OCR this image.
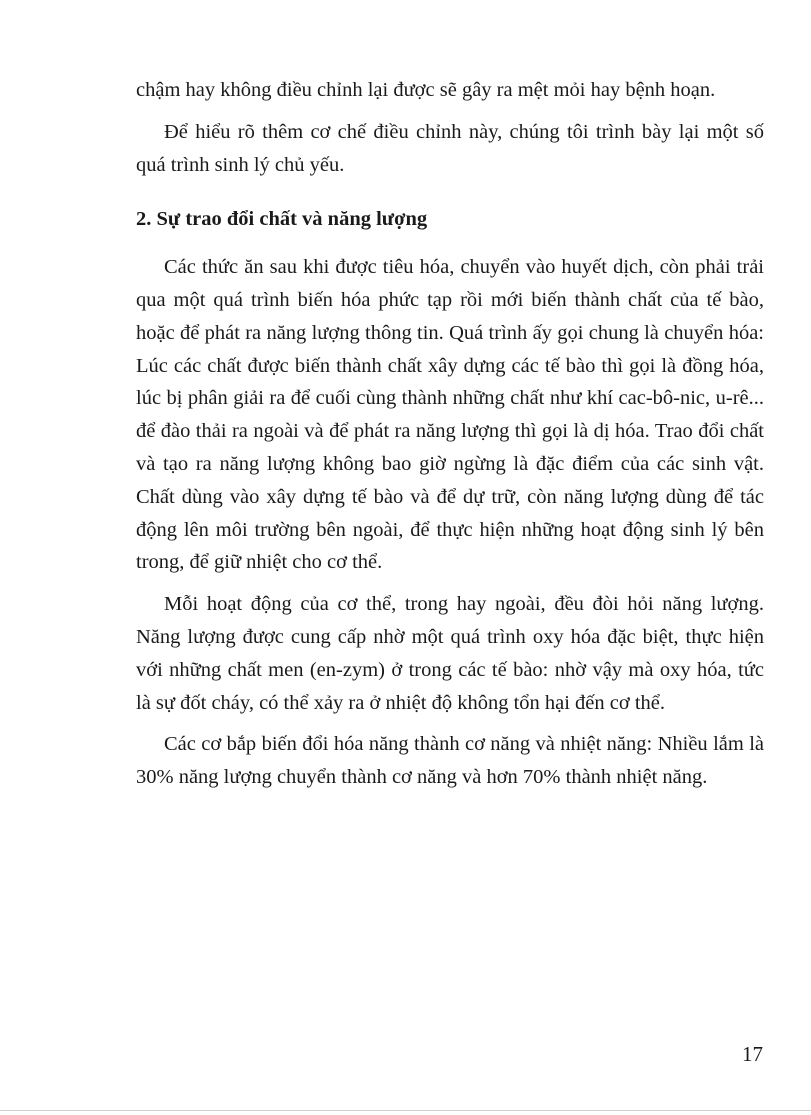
chậm hay không điều chỉnh lại được sẽ gây ra mệt mỏi hay bệnh hoạn.

Để hiểu rõ thêm cơ chế điều chỉnh này, chúng tôi trình bày lại một số quá trình sinh lý chủ yếu.

2. Sự trao đổi chất và năng lượng

Các thức ăn sau khi được tiêu hóa, chuyển vào huyết dịch, còn phải trải qua một quá trình biến hóa phức tạp rồi mới biến thành chất của tế bào, hoặc để phát ra năng lượng thông tin. Quá trình ấy gọi chung là chuyển hóa: Lúc các chất được biến thành chất xây dựng các tế bào thì gọi là đồng hóa, lúc bị phân giải ra để cuối cùng thành những chất như khí cac-bô-nic, u-rê... để đào thải ra ngoài và để phát ra năng lượng thì gọi là dị hóa. Trao đổi chất và tạo ra năng lượng không bao giờ ngừng là đặc điểm của các sinh vật. Chất dùng vào xây dựng tế bào và để dự trữ, còn năng lượng dùng để tác động lên môi trường bên ngoài, để thực hiện những hoạt động sinh lý bên trong, để giữ nhiệt cho cơ thể.

Mỗi hoạt động của cơ thể, trong hay ngoài, đều đòi hỏi năng lượng. Năng lượng được cung cấp nhờ một quá trình oxy hóa đặc biệt, thực hiện với những chất men (en-zym) ở trong các tế bào: nhờ vậy mà oxy hóa, tức là sự đốt cháy, có thể xảy ra ở nhiệt độ không tổn hại đến cơ thể.

Các cơ bắp biến đổi hóa năng thành cơ năng và nhiệt năng: Nhiều lắm là 30% năng lượng chuyển thành cơ năng và hơn 70% thành nhiệt năng.

17
